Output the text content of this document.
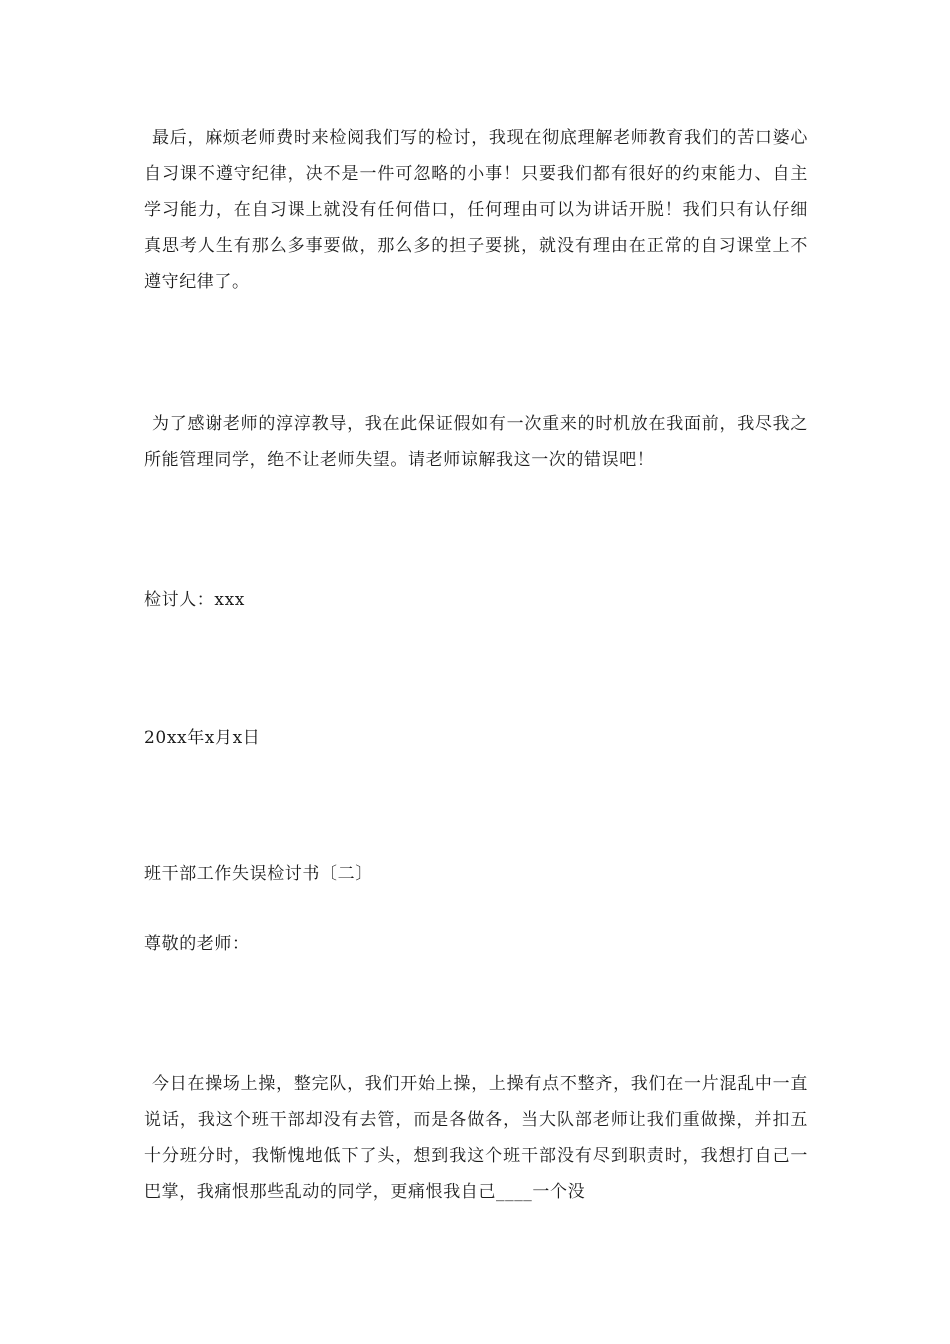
最后，麻烦老师费时来检阅我们写的检讨，我现在彻底理解老师教育我们的苦口婆心 自习课不遵守纪律，决不是一件可忽略的小事！只要我们都有很好的约束能力、自主学习能力，在自习课上就没有任何借口，任何理由可以为讲话开脱！我们只有认仔细真思考人生有那么多事要做，那么多的担子要挑，就没有理由在正常的自习课堂上不遵守纪律了。
为了感谢老师的淳淳教导，我在此保证假如有一次重来的时机放在我面前，我尽我之所能管理同学，绝不让老师失望。请老师谅解我这一次的错误吧！
检讨人：xxx
20xx年x月x日
班干部工作失误检讨书〔二〕
尊敬的老师：
今日在操场上操，整完队，我们开始上操，上操有点不整齐，我们在一片混乱中一直说话，我这个班干部却没有去管，而是各做各，当大队部老师让我们重做操，并扣五十分班分时，我惭愧地低下了头，想到我这个班干部没有尽到职责时，我想打自己一巴掌，我痛恨那些乱动的同学，更痛恨我自己____一个没
